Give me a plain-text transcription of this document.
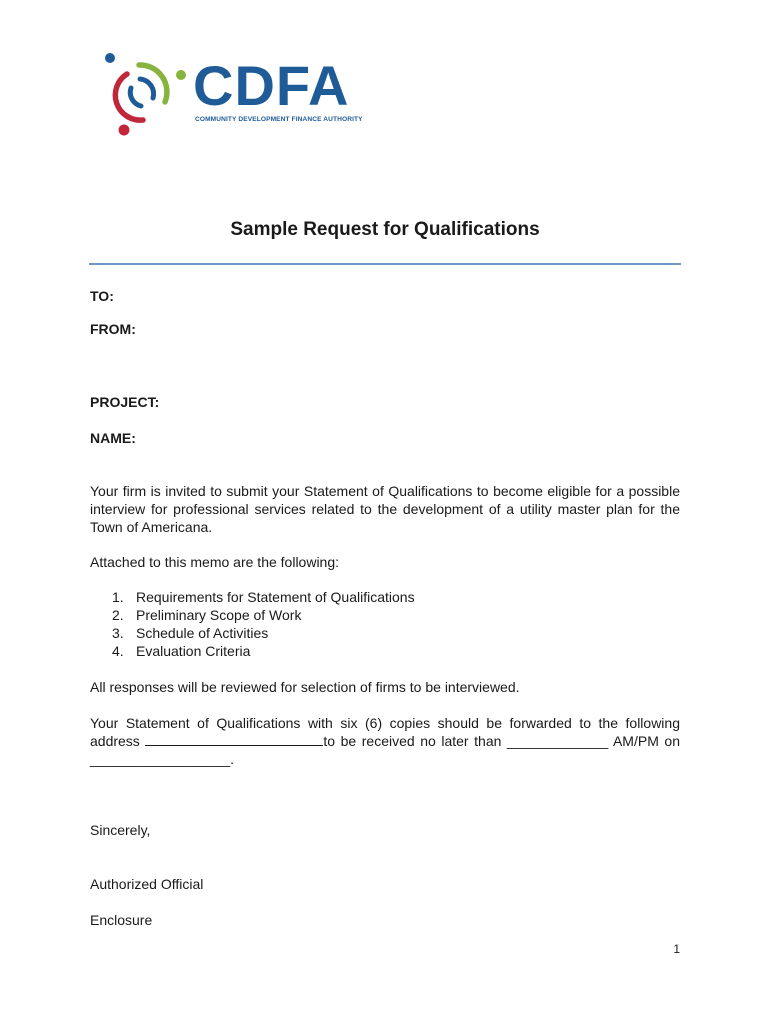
CDFA
COMMUNITY DEVELOPMENT FINANCE AUTHORITY
Sample Request for Qualifications

TO:

FROM:

PROJECT:

NAME:

Your firm is invited to submit your Statement of Qualifications to become eligible for a possible interview for professional services related to the development of a utility master plan for the Town of Americana.

Attached to this memo are the following:

1. Requirements for Statement of Qualifications
2. Preliminary Scope of Work
3. Schedule of Activities
4. Evaluation Criteria

All responses will be reviewed for selection of firms to be interviewed.

Your Statement of Qualifications with six (6) copies should be forwarded to the following address	to be received no later than _____________ AM/PM on __________________.

Sincerely,

Authorized Official

Enclosure

1
